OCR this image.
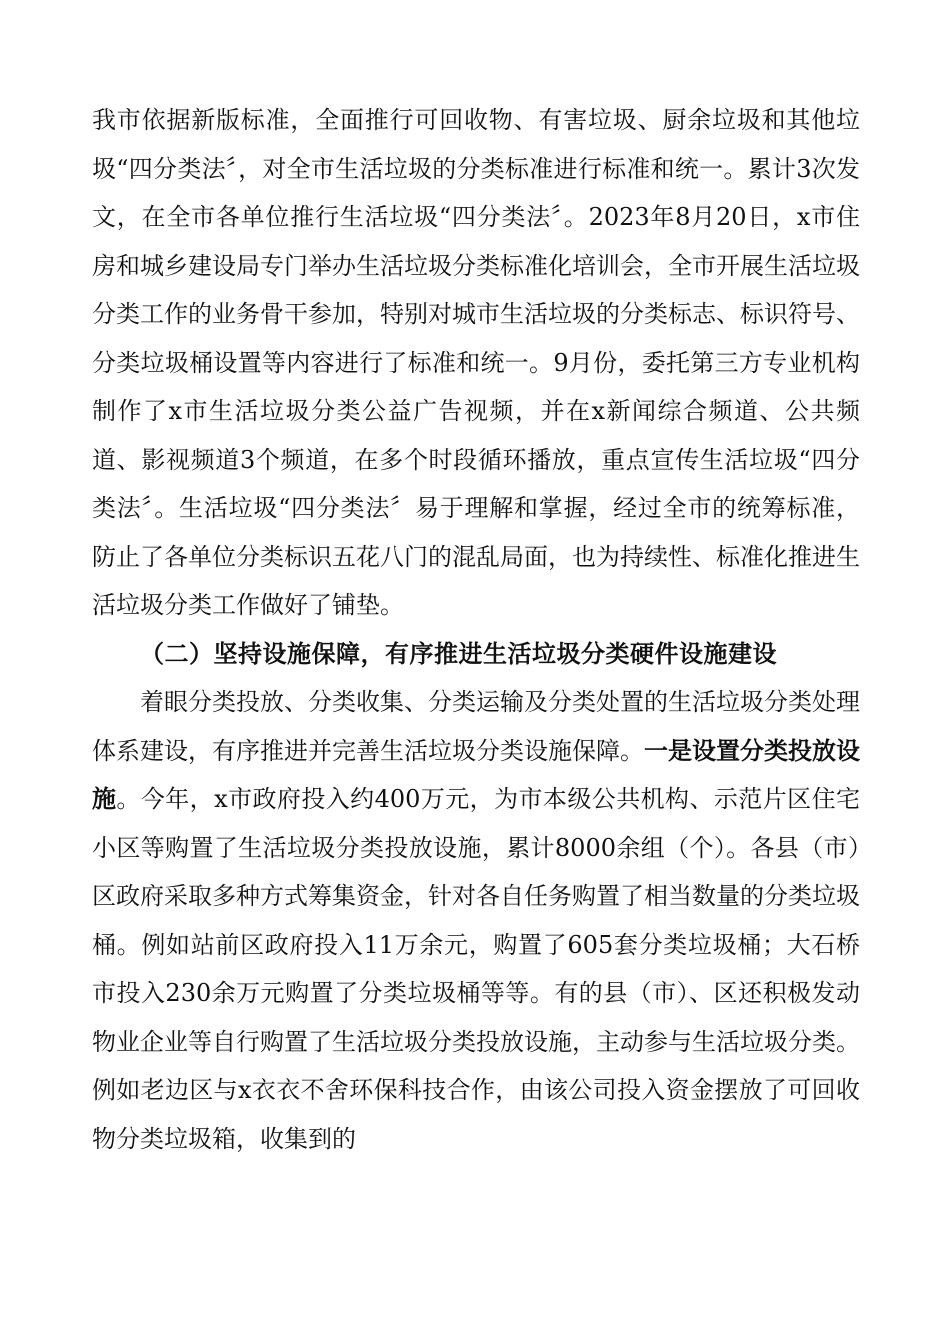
我市依据新版标准，全面推行可回收物、有害垃圾、厨余垃圾和其他垃圾“四分类法〞，对全市生活垃圾的分类标准进行标准和统一。累计3次发文，在全市各单位推行生活垃圾“四分类法〞。2023年8月20日，x市住房和城乡建设局专门举办生活垃圾分类标准化培训会，全市开展生活垃圾分类工作的业务骨干参加，特别对城市生活垃圾的分类标志、标识符号、分类垃圾桶设置等内容进行了标准和统一。9月份，委托第三方专业机构制作了x市生活垃圾分类公益广告视频，并在x新闻综合频道、公共频道、影视频道3个频道，在多个时段循环播放，重点宣传生活垃圾“四分类法〞。生活垃圾“四分类法〞易于理解和掌握，经过全市的统筹标准，防止了各单位分类标识五花八门的混乱局面，也为持续性、标准化推进生活垃圾分类工作做好了铺垫。

（二）坚持设施保障，有序推进生活垃圾分类硬件设施建设

着眼分类投放、分类收集、分类运输及分类处置的生活垃圾分类处理体系建设，有序推进并完善生活垃圾分类设施保障。一是设置分类投放设施。今年，x市政府投入约400万元，为市本级公共机构、示范片区住宅小区等购置了生活垃圾分类投放设施，累计8000余组（个）。各县（市）区政府采取多种方式筹集资金，针对各自任务购置了相当数量的分类垃圾桶。例如站前区政府投入11万余元，购置了605套分类垃圾桶；大石桥市投入230余万元购置了分类垃圾桶等等。有的县（市）、区还积极发动物业企业等自行购置了生活垃圾分类投放设施，主动参与生活垃圾分类。例如老边区与x衣衣不舍环保科技合作，由该公司投入资金摆放了可回收物分类垃圾箱，收集到的
